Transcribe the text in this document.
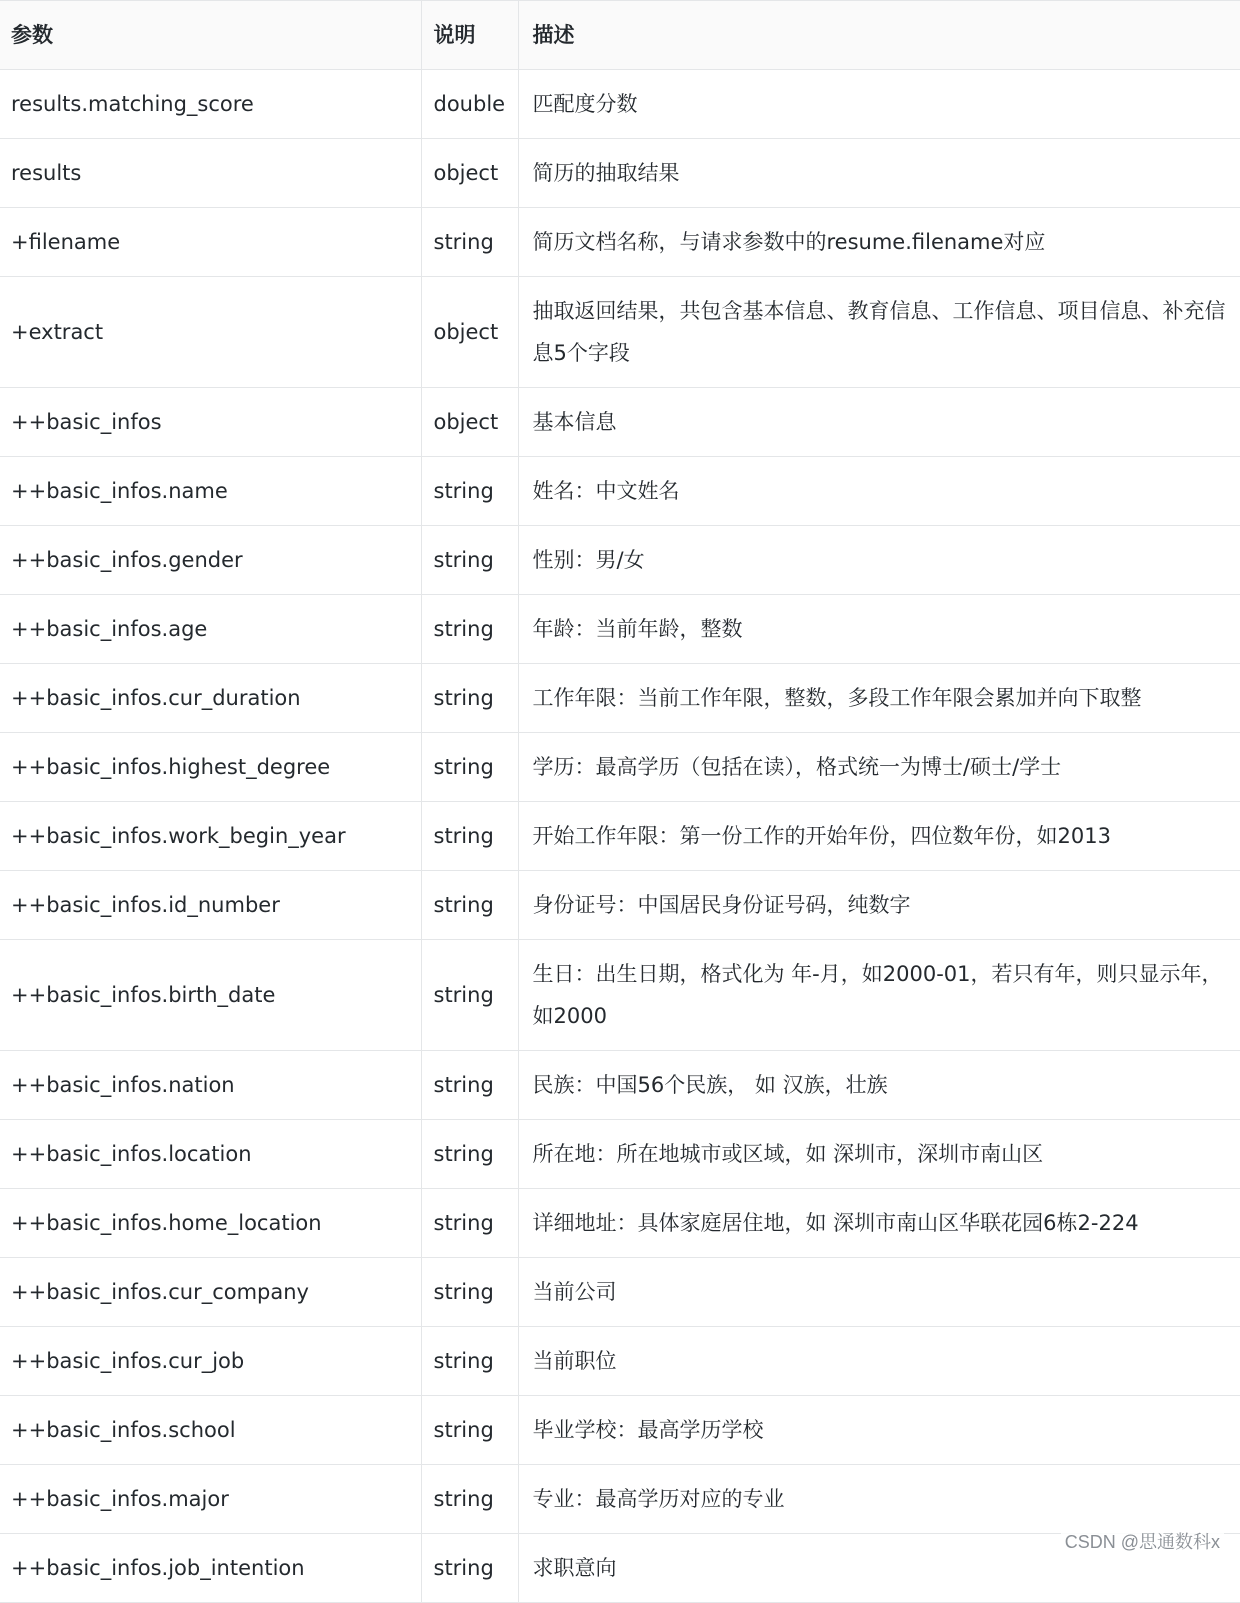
参数	说明	描述
results.matching_score	double	匹配度分数
results	object	简历的抽取结果
+filename	string	简历文档名称，与请求参数中的resume.filename对应
+extract	object	抽取返回结果，共包含基本信息、教育信息、工作信息、项目信息、补充信息5个字段
++basic_infos	object	基本信息
++basic_infos.name	string	姓名：中文姓名
++basic_infos.gender	string	性别：男/女
++basic_infos.age	string	年龄：当前年龄，整数
++basic_infos.cur_duration	string	工作年限：当前工作年限，整数，多段工作年限会累加并向下取整
++basic_infos.highest_degree	string	学历：最高学历（包括在读），格式统一为博士/硕士/学士
++basic_infos.work_begin_year	string	开始工作年限：第一份工作的开始年份，四位数年份，如2013
++basic_infos.id_number	string	身份证号：中国居民身份证号码，纯数字
++basic_infos.birth_date	string	生日：出生日期，格式化为 年-月，如2000-01，若只有年，则只显示年，如2000
++basic_infos.nation	string	民族：中国56个民族， 如 汉族，壮族
++basic_infos.location	string	所在地：所在地城市或区域，如 深圳市，深圳市南山区
++basic_infos.home_location	string	详细地址：具体家庭居住地，如 深圳市南山区华联花园6栋2-224
++basic_infos.cur_company	string	当前公司
++basic_infos.cur_job	string	当前职位
++basic_infos.school	string	毕业学校：最高学历学校
++basic_infos.major	string	专业：最高学历对应的专业
++basic_infos.job_intention	string	求职意向
CSDN @思通数科x
